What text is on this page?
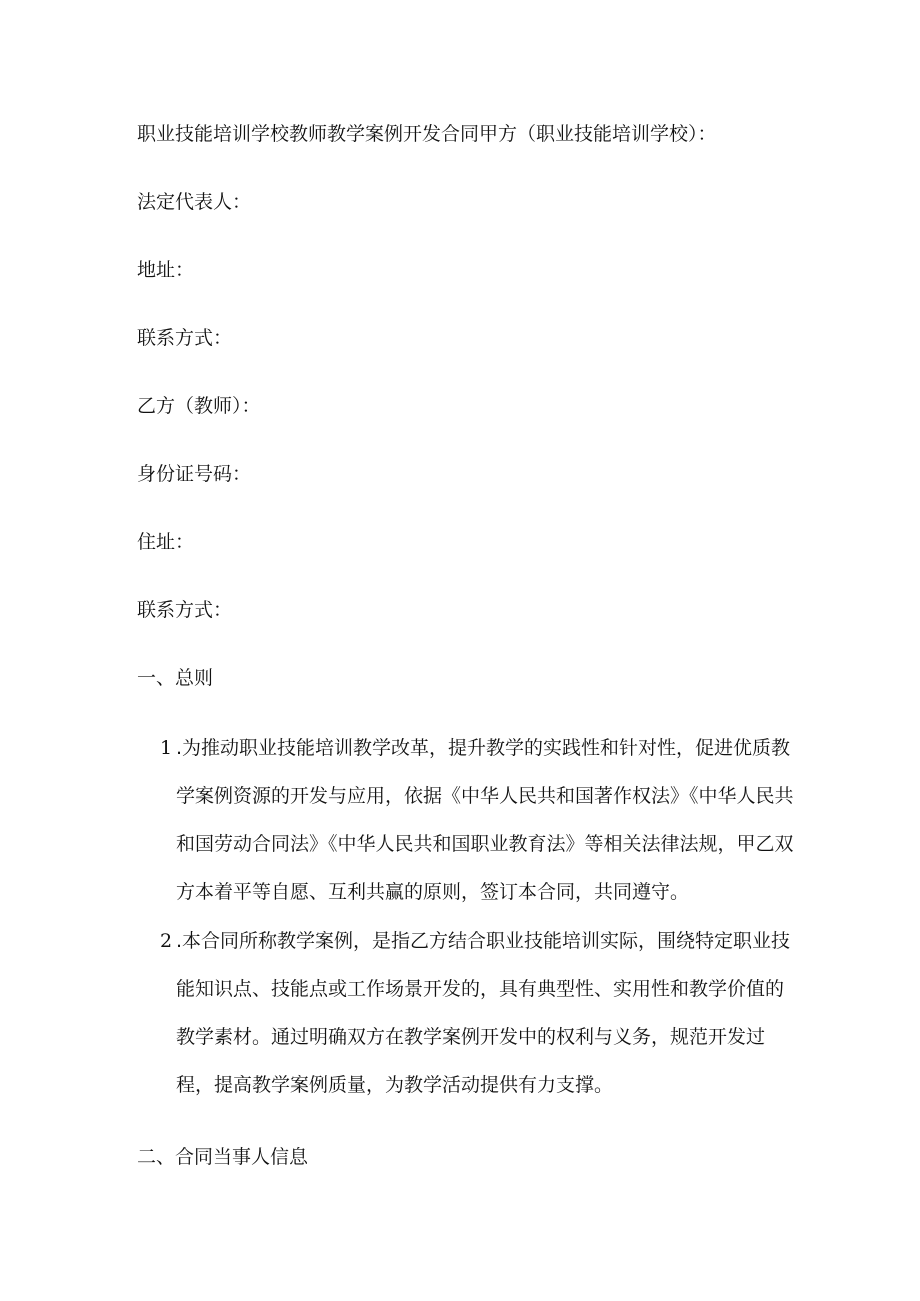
职业技能培训学校教师教学案例开发合同甲方（职业技能培训学校）：

法定代表人：

地址：

联系方式：

乙方（教师）：

身份证号码：

住址：

联系方式：

一、总则

1 .为推动职业技能培训教学改革，提升教学的实践性和针对性，促进优质教学案例资源的开发与应用，依据《中华人民共和国著作权法》《中华人民共和国劳动合同法》《中华人民共和国职业教育法》等相关法律法规，甲乙双方本着平等自愿、互利共赢的原则，签订本合同，共同遵守。

2 .本合同所称教学案例，是指乙方结合职业技能培训实际，围绕特定职业技能知识点、技能点或工作场景开发的，具有典型性、实用性和教学价值的教学素材。通过明确双方在教学案例开发中的权利与义务，规范开发过程，提高教学案例质量，为教学活动提供有力支撑。

二、合同当事人信息
